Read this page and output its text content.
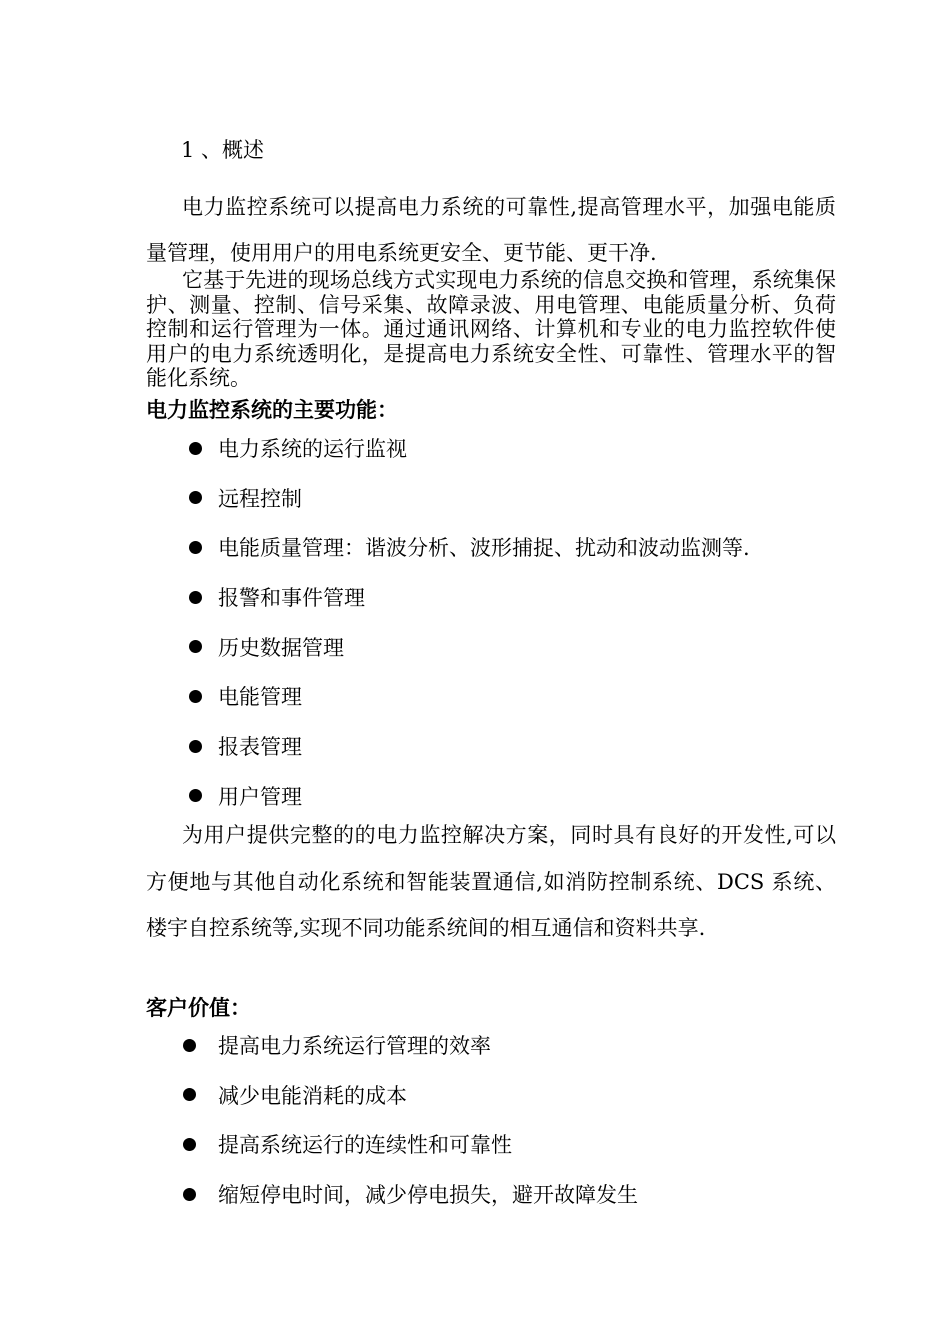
1 、概述
电力监控系统可以提高电力系统的可靠性,提高管理水平，加强电能质量管理，使用用户的用电系统更安全、更节能、更干净.
它基于先进的现场总线方式实现电力系统的信息交换和管理，系统集保护、测量、控制、信号采集、故障录波、用电管理、电能质量分析、负荷控制和运行管理为一体。通过通讯网络、计算机和专业的电力监控软件使用户的电力系统透明化，是提高电力系统安全性、可靠性、管理水平的智能化系统。
电力监控系统的主要功能：
电力系统的运行监视
远程控制
电能质量管理：谐波分析、波形捕捉、扰动和波动监测等.
报警和事件管理
历史数据管理
电能管理
报表管理
用户管理
为用户提供完整的的电力监控解决方案，同时具有良好的开发性,可以方便地与其他自动化系统和智能装置通信,如消防控制系统、DCS 系统、楼宇自控系统等,实现不同功能系统间的相互通信和资料共享.
客户价值：
提高电力系统运行管理的效率
减少电能消耗的成本
提高系统运行的连续性和可靠性
缩短停电时间，减少停电损失，避开故障发生
